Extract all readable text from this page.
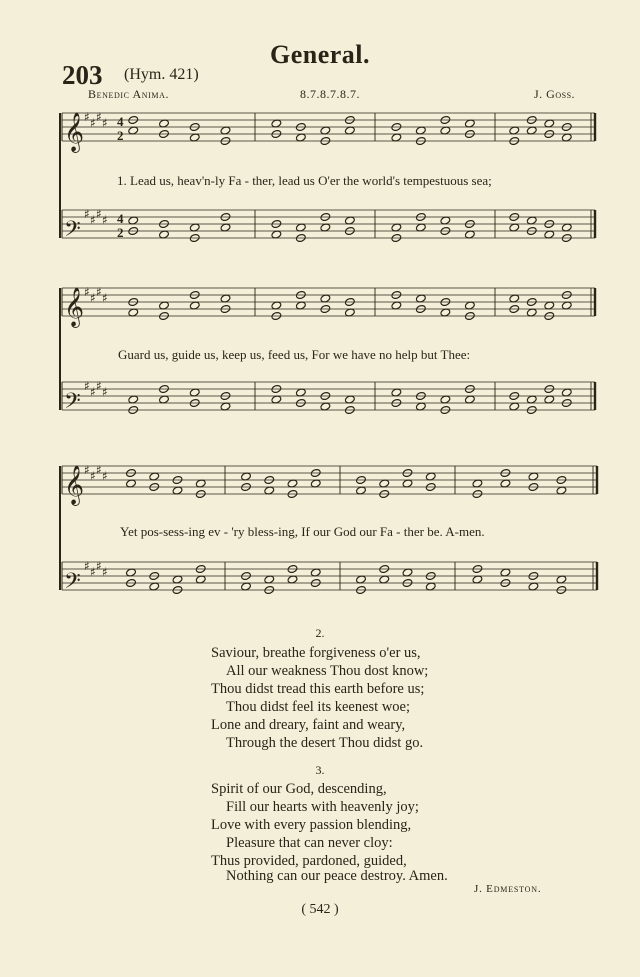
General.
203 (Hym. 421)
Benedic Anima.	8.7.8.7.8.7.	J. Goss.
𝄞 ♯ ♯ ♯ ♯
𝄢
♯ ♯ ♯ ♯
𝄞 ♯ ♯ ♯ ♯
𝄢
♯ ♯ ♯ ♯
𝄞 ♯ ♯ ♯ ♯
𝄢
♯ ♯ ♯ ♯
4
2
4
2
1. Lead us, heav'n-ly Fa - ther, lead us O'er the world's tempestuous sea;
Guard us, guide us, keep us, feed us, For we have no help but Thee:
Yet pos-sess-ing ev - 'ry bless-ing, If our God our Fa - ther be. A-men.
2.
Saviour, breathe forgiveness o'er us,
All our weakness Thou dost know;
Thou didst tread this earth before us;
Thou didst feel its keenest woe;
Lone and dreary, faint and weary,
Through the desert Thou didst go.
3.
Spirit of our God, descending,
Fill our hearts with heavenly joy;
Love with every passion blending,
Pleasure that can never cloy:
Thus provided, pardoned, guided,
Nothing can our peace destroy. Amen.
J. Edmeston.
( 542 )
